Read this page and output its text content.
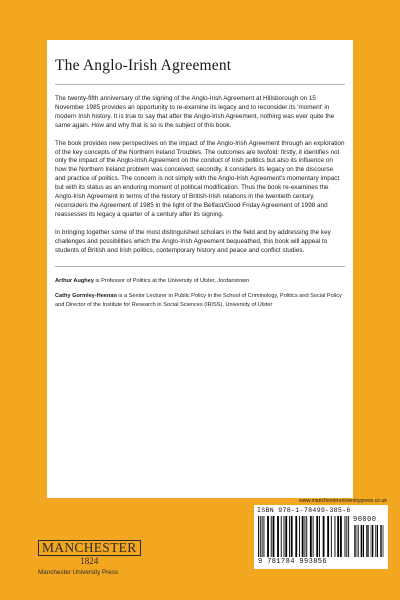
The Anglo-Irish Agreement

The twenty-fifth anniversary of the signing of the Anglo-Irish Agreement at Hillsborough on 15 November 1985 provides an opportunity to re-examine its legacy and to reconsider its 'moment' in modern Irish history. It is true to say that after the Anglo-Irish Agreement, nothing was ever quite the same again. How and why that is so is the subject of this book.

The book provides new perspectives on the impact of the Anglo-Irish Agreement through an exploration of the key concepts of the Northern Ireland Troubles. The outcomes are twofold: firstly, it identifies not only the impact of the Anglo-Irish Agreement on the conduct of Irish politics but also its influence on how the Northern Ireland problem was conceived; secondly, it considers its legacy on the discourse and practice of politics. The concern is not simply with the Anglo-Irish Agreement's momentary impact but with its status as an enduring moment of political modification. Thus the book re-examines the Anglo-Irish Agreement in terms of the history of British-Irish relations in the twentieth century, reconsiders the Agreement of 1985 in the light of the Belfast/Good Friday Agreement of 1998 and reassesses its legacy a quarter of a century after its signing.

In bringing together some of the most distinguished scholars in the field and by addressing the key challenges and possibilities which the Anglo-Irish Agreement bequeathed, this book will appeal to students of British and Irish politics, contemporary history and peace and conflict studies.

Arthur Aughey is Professor of Politics at the University of Ulster, Jordanstown

Cathy Gormley-Heenan is a Senior Lecturer in Public Policy in the School of Criminology, Politics and Social Policy and Director of the Institute for Research in Social Sciences (IRiSS), University of Ulster

MANCHESTER
1824
Manchester University Press
www.manchesteruniversitypress.co.uk
ISBN 978-1-78499-385-6
90000
9 781784 993856
